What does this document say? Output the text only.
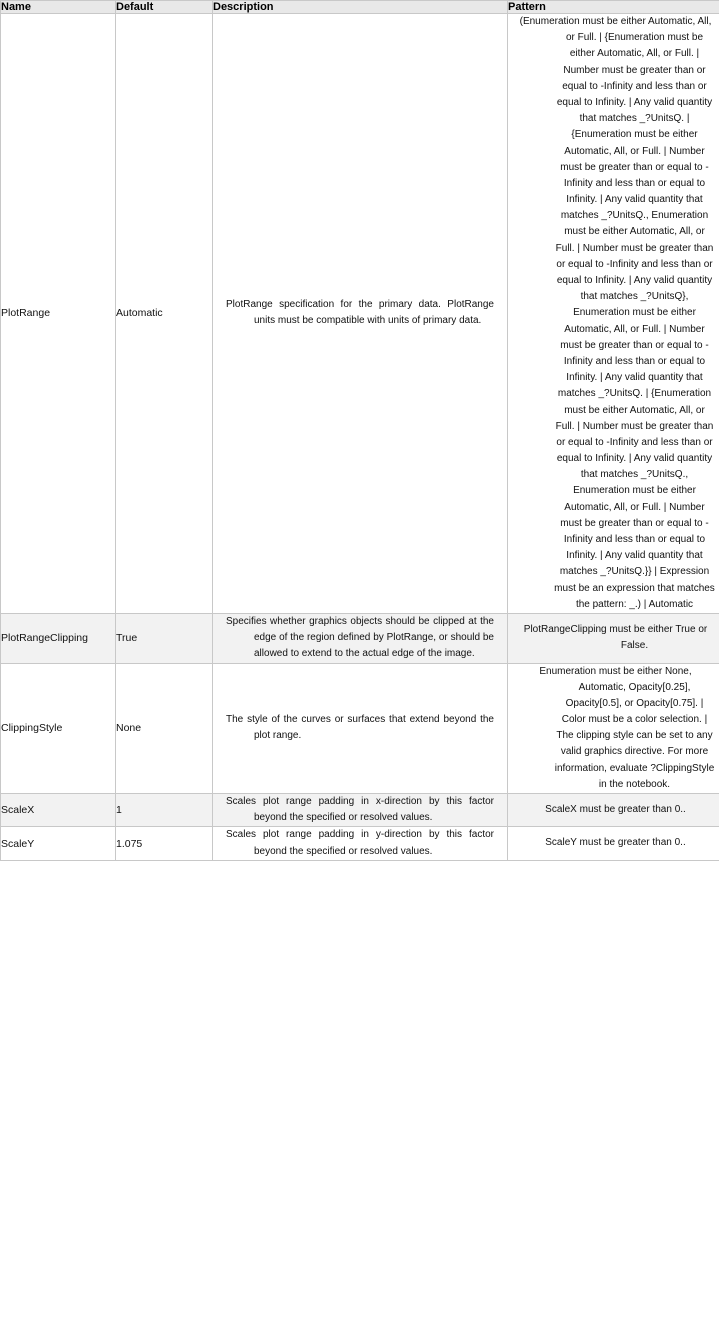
Name	Default	Description	Pattern
PlotRange	Automatic	PlotRange specification for the primary data. PlotRange units must be compatible with units of primary data.	(Enumeration must be either Automatic, All, or Full. | {Enumeration must be either Automatic, All, or Full. | Number must be greater than or equal to -Infinity and less than or equal to Infinity. | Any valid quantity that matches _?UnitsQ. | {Enumeration must be either Automatic, All, or Full. | Number must be greater than or equal to -Infinity and less than or equal to Infinity. | Any valid quantity that matches _?UnitsQ., Enumeration must be either Automatic, All, or Full. | Number must be greater than or equal to -Infinity and less than or equal to Infinity. | Any valid quantity that matches _?UnitsQ}, Enumeration must be either Automatic, All, or Full. | Number must be greater than or equal to -Infinity and less than or equal to Infinity. | Any valid quantity that matches _?UnitsQ. | {Enumeration must be either Automatic, All, or Full. | Number must be greater than or equal to -Infinity and less than or equal to Infinity. | Any valid quantity that matches _?UnitsQ., Enumeration must be either Automatic, All, or Full. | Number must be greater than or equal to -Infinity and less than or equal to Infinity. | Any valid quantity that matches _?UnitsQ.}} | Expression must be an expression that matches the pattern: _.) | Automatic

PlotRangeClipping	True	Specifies whether graphics objects should be clipped at the edge of the region defined by PlotRange, or should be allowed to extend to the actual edge of the image.	PlotRangeClipping must be either True or False.

ClippingStyle	None	The style of the curves or surfaces that extend beyond the plot range.	Enumeration must be either None, Automatic, Opacity[0.25], Opacity[0.5], or Opacity[0.75]. | Color must be a color selection. | The clipping style can be set to any valid graphics directive. For more information, evaluate ?ClippingStyle in the notebook.

ScaleX	1	Scales plot range padding in x-direction by this factor beyond the specified or resolved values.	ScaleX must be greater than 0..

ScaleY	1.075	Scales plot range padding in y-direction by this factor beyond the specified or resolved values.	ScaleY must be greater than 0..
